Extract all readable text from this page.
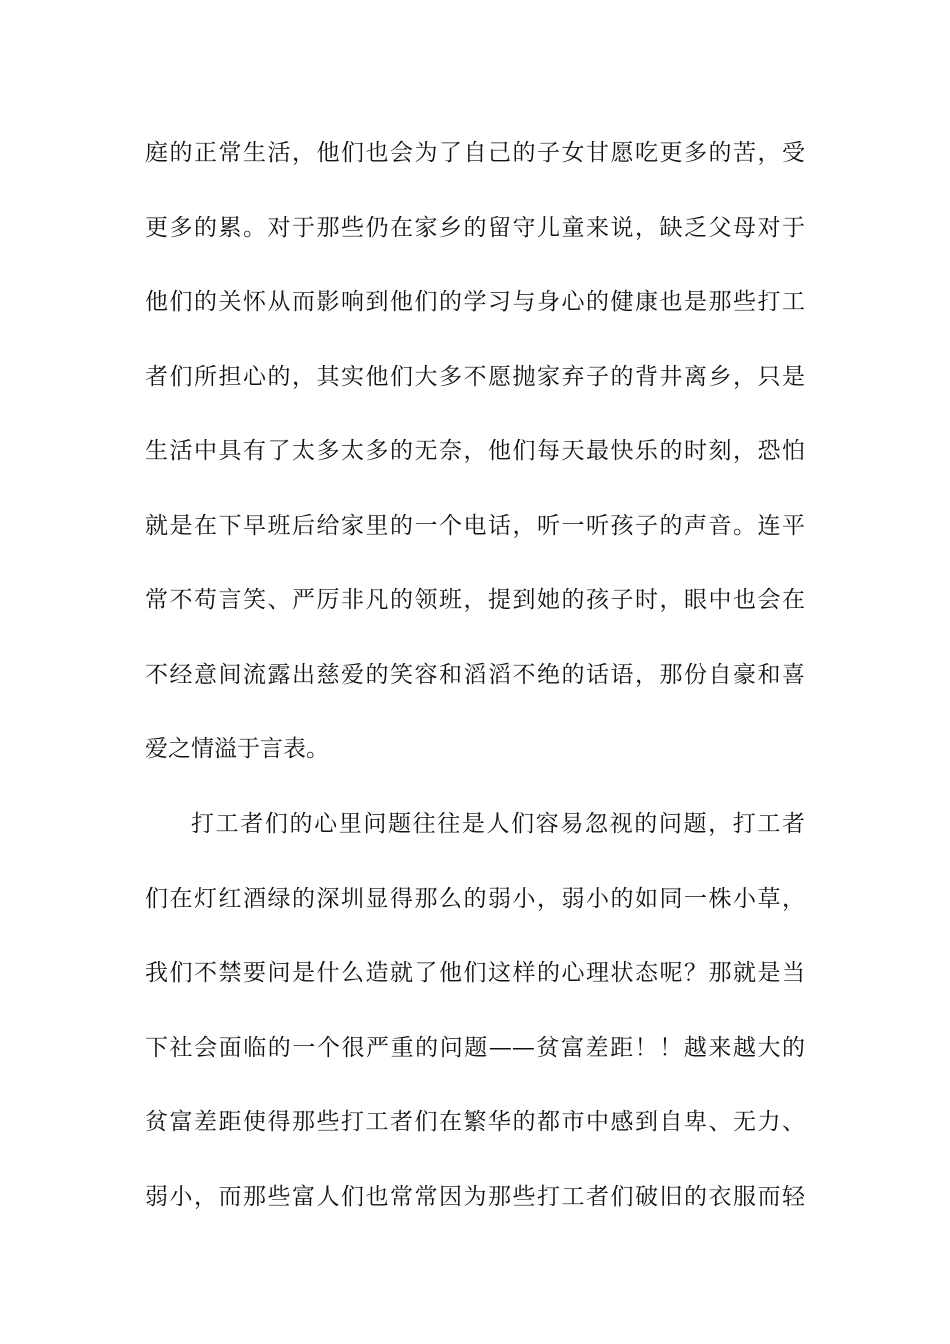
庭的正常生活，他们也会为了自己的子女甘愿吃更多的苦，受
更多的累。对于那些仍在家乡的留守儿童来说，缺乏父母对于
他们的关怀从而影响到他们的学习与身心的健康也是那些打工
者们所担心的，其实他们大多不愿抛家弃子的背井离乡，只是
生活中具有了太多太多的无奈，他们每天最快乐的时刻，恐怕
就是在下早班后给家里的一个电话，听一听孩子的声音。连平
常不苟言笑、严厉非凡的领班，提到她的孩子时，眼中也会在
不经意间流露出慈爱的笑容和滔滔不绝的话语，那份自豪和喜
爱之情溢于言表。

打工者们的心里问题往往是人们容易忽视的问题，打工者
们在灯红酒绿的深圳显得那么的弱小，弱小的如同一株小草，
我们不禁要问是什么造就了他们这样的心理状态呢？那就是当
下社会面临的一个很严重的问题——贫富差距！！越来越大的
贫富差距使得那些打工者们在繁华的都市中感到自卑、无力、
弱小，而那些富人们也常常因为那些打工者们破旧的衣服而轻
